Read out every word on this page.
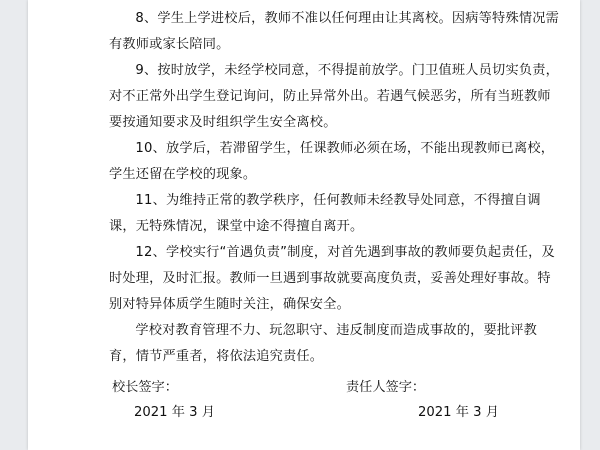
8、学生上学进校后，教师不准以任何理由让其离校。因病等特殊情况需有教师或家长陪同。

9、按时放学，未经学校同意，不得提前放学。门卫值班人员切实负责，对不正常外出学生登记询问，防止异常外出。若遇气候恶劣，所有当班教师要按通知要求及时组织学生安全离校。

10、放学后，若滞留学生，任课教师必须在场，不能出现教师已离校，学生还留在学校的现象。

11、为维持正常的教学秩序，任何教师未经教导处同意，不得擅自调课，无特殊情况，课堂中途不得擅自离开。

12、学校实行“首遇负责”制度，对首先遇到事故的教师要负起责任，及时处理，及时汇报。教师一旦遇到事故就要高度负责，妥善处理好事故。特别对特异体质学生随时关注，确保安全。

学校对教育管理不力、玩忽职守、违反制度而造成事故的，要批评教育，情节严重者，将依法追究责任。

校长签字：	责任人签字：
2021 年 3 月	2021 年 3 月
